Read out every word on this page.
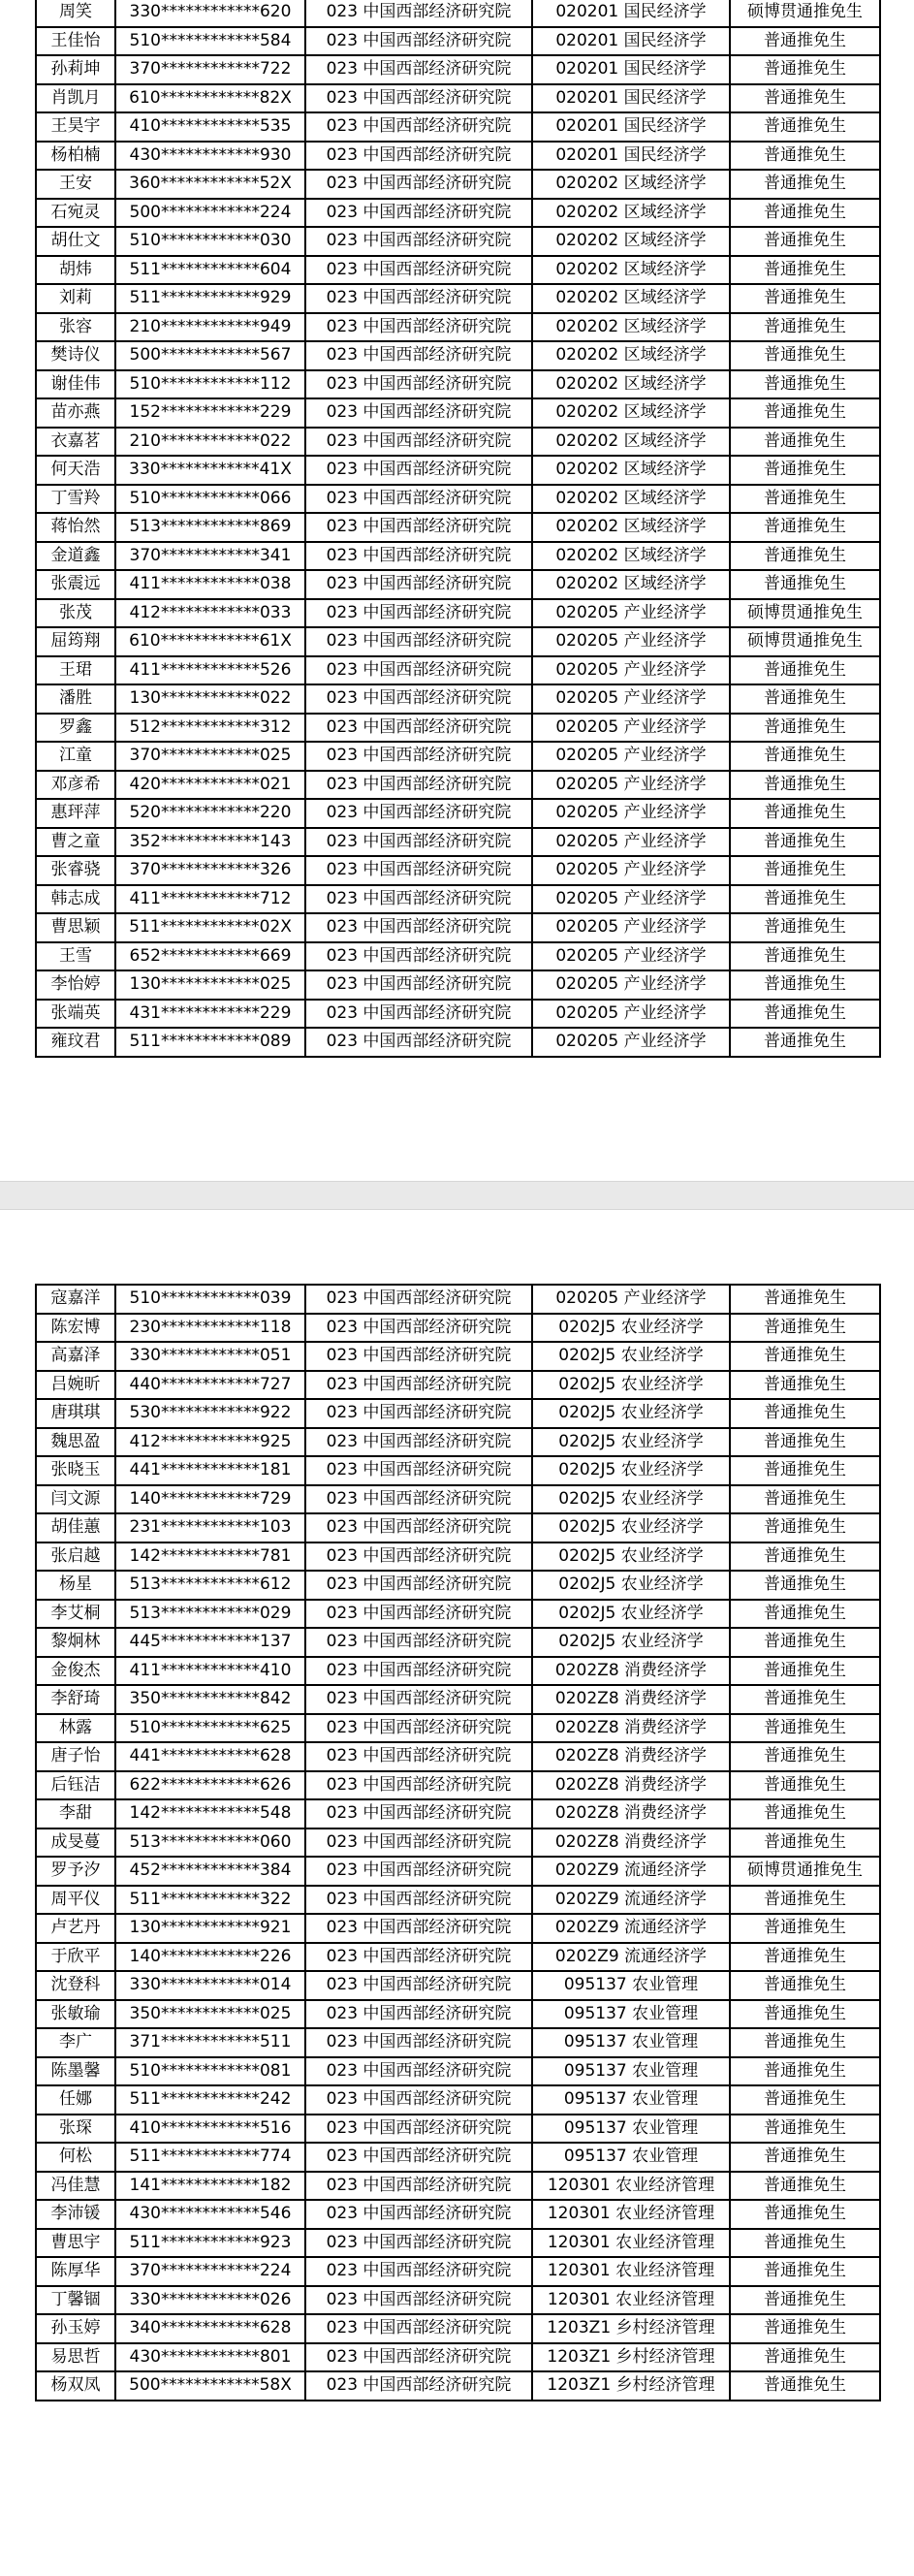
周笑	330************620	023 中国西部经济研究院	020201 国民经济学	硕博贯通推免生
王佳怡	510************584	023 中国西部经济研究院	020201 国民经济学	普通推免生
孙莉坤	370************722	023 中国西部经济研究院	020201 国民经济学	普通推免生
肖凯月	610************82X	023 中国西部经济研究院	020201 国民经济学	普通推免生
王昊宇	410************535	023 中国西部经济研究院	020201 国民经济学	普通推免生
杨柏楠	430************930	023 中国西部经济研究院	020201 国民经济学	普通推免生
王安	360************52X	023 中国西部经济研究院	020202 区域经济学	普通推免生
石宛灵	500************224	023 中国西部经济研究院	020202 区域经济学	普通推免生
胡仕文	510************030	023 中国西部经济研究院	020202 区域经济学	普通推免生
胡炜	511************604	023 中国西部经济研究院	020202 区域经济学	普通推免生
刘莉	511************929	023 中国西部经济研究院	020202 区域经济学	普通推免生
张容	210************949	023 中国西部经济研究院	020202 区域经济学	普通推免生
樊诗仪	500************567	023 中国西部经济研究院	020202 区域经济学	普通推免生
谢佳伟	510************112	023 中国西部经济研究院	020202 区域经济学	普通推免生
苗亦燕	152************229	023 中国西部经济研究院	020202 区域经济学	普通推免生
衣嘉茗	210************022	023 中国西部经济研究院	020202 区域经济学	普通推免生
何天浩	330************41X	023 中国西部经济研究院	020202 区域经济学	普通推免生
丁雪羚	510************066	023 中国西部经济研究院	020202 区域经济学	普通推免生
蒋怡然	513************869	023 中国西部经济研究院	020202 区域经济学	普通推免生
金道鑫	370************341	023 中国西部经济研究院	020202 区域经济学	普通推免生
张震远	411************038	023 中国西部经济研究院	020202 区域经济学	普通推免生
张茂	412************033	023 中国西部经济研究院	020205 产业经济学	硕博贯通推免生
屈筠翔	610************61X	023 中国西部经济研究院	020205 产业经济学	硕博贯通推免生
王珺	411************526	023 中国西部经济研究院	020205 产业经济学	普通推免生
潘胜	130************022	023 中国西部经济研究院	020205 产业经济学	普通推免生
罗鑫	512************312	023 中国西部经济研究院	020205 产业经济学	普通推免生
江童	370************025	023 中国西部经济研究院	020205 产业经济学	普通推免生
邓彦希	420************021	023 中国西部经济研究院	020205 产业经济学	普通推免生
惠玶萍	520************220	023 中国西部经济研究院	020205 产业经济学	普通推免生
曹之童	352************143	023 中国西部经济研究院	020205 产业经济学	普通推免生
张睿骁	370************326	023 中国西部经济研究院	020205 产业经济学	普通推免生
韩志成	411************712	023 中国西部经济研究院	020205 产业经济学	普通推免生
曹思颖	511************02X	023 中国西部经济研究院	020205 产业经济学	普通推免生
王雪	652************669	023 中国西部经济研究院	020205 产业经济学	普通推免生
李怡婷	130************025	023 中国西部经济研究院	020205 产业经济学	普通推免生
张端英	431************229	023 中国西部经济研究院	020205 产业经济学	普通推免生
雍玟君	511************089	023 中国西部经济研究院	020205 产业经济学	普通推免生
寇嘉洋	510************039	023 中国西部经济研究院	020205 产业经济学	普通推免生
陈宏博	230************118	023 中国西部经济研究院	0202J5 农业经济学	普通推免生
高嘉泽	330************051	023 中国西部经济研究院	0202J5 农业经济学	普通推免生
吕婉昕	440************727	023 中国西部经济研究院	0202J5 农业经济学	普通推免生
唐琪琪	530************922	023 中国西部经济研究院	0202J5 农业经济学	普通推免生
魏思盈	412************925	023 中国西部经济研究院	0202J5 农业经济学	普通推免生
张晓玉	441************181	023 中国西部经济研究院	0202J5 农业经济学	普通推免生
闫文源	140************729	023 中国西部经济研究院	0202J5 农业经济学	普通推免生
胡佳蕙	231************103	023 中国西部经济研究院	0202J5 农业经济学	普通推免生
张启越	142************781	023 中国西部经济研究院	0202J5 农业经济学	普通推免生
杨星	513************612	023 中国西部经济研究院	0202J5 农业经济学	普通推免生
李艾桐	513************029	023 中国西部经济研究院	0202J5 农业经济学	普通推免生
黎炯林	445************137	023 中国西部经济研究院	0202J5 农业经济学	普通推免生
金俊杰	411************410	023 中国西部经济研究院	0202Z8 消费经济学	普通推免生
李舒琦	350************842	023 中国西部经济研究院	0202Z8 消费经济学	普通推免生
林露	510************625	023 中国西部经济研究院	0202Z8 消费经济学	普通推免生
唐子怡	441************628	023 中国西部经济研究院	0202Z8 消费经济学	普通推免生
后钰洁	622************626	023 中国西部经济研究院	0202Z8 消费经济学	普通推免生
李甜	142************548	023 中国西部经济研究院	0202Z8 消费经济学	普通推免生
成旻蔓	513************060	023 中国西部经济研究院	0202Z8 消费经济学	普通推免生
罗予汐	452************384	023 中国西部经济研究院	0202Z9 流通经济学	硕博贯通推免生
周平仪	511************322	023 中国西部经济研究院	0202Z9 流通经济学	普通推免生
卢艺丹	130************921	023 中国西部经济研究院	0202Z9 流通经济学	普通推免生
于欣平	140************226	023 中国西部经济研究院	0202Z9 流通经济学	普通推免生
沈登科	330************014	023 中国西部经济研究院	095137 农业管理	普通推免生
张敏瑜	350************025	023 中国西部经济研究院	095137 农业管理	普通推免生
李广	371************511	023 中国西部经济研究院	095137 农业管理	普通推免生
陈墨馨	510************081	023 中国西部经济研究院	095137 农业管理	普通推免生
任娜	511************242	023 中国西部经济研究院	095137 农业管理	普通推免生
张琛	410************516	023 中国西部经济研究院	095137 农业管理	普通推免生
何松	511************774	023 中国西部经济研究院	095137 农业管理	普通推免生
冯佳慧	141************182	023 中国西部经济研究院	120301 农业经济管理	普通推免生
李沛锾	430************546	023 中国西部经济研究院	120301 农业经济管理	普通推免生
曹思宇	511************923	023 中国西部经济研究院	120301 农业经济管理	普通推免生
陈厚华	370************224	023 中国西部经济研究院	120301 农业经济管理	普通推免生
丁馨锢	330************026	023 中国西部经济研究院	120301 农业经济管理	普通推免生
孙玉婷	340************628	023 中国西部经济研究院	1203Z1 乡村经济管理	普通推免生
易思哲	430************801	023 中国西部经济研究院	1203Z1 乡村经济管理	普通推免生
杨双凤	500************58X	023 中国西部经济研究院	1203Z1 乡村经济管理	普通推免生
